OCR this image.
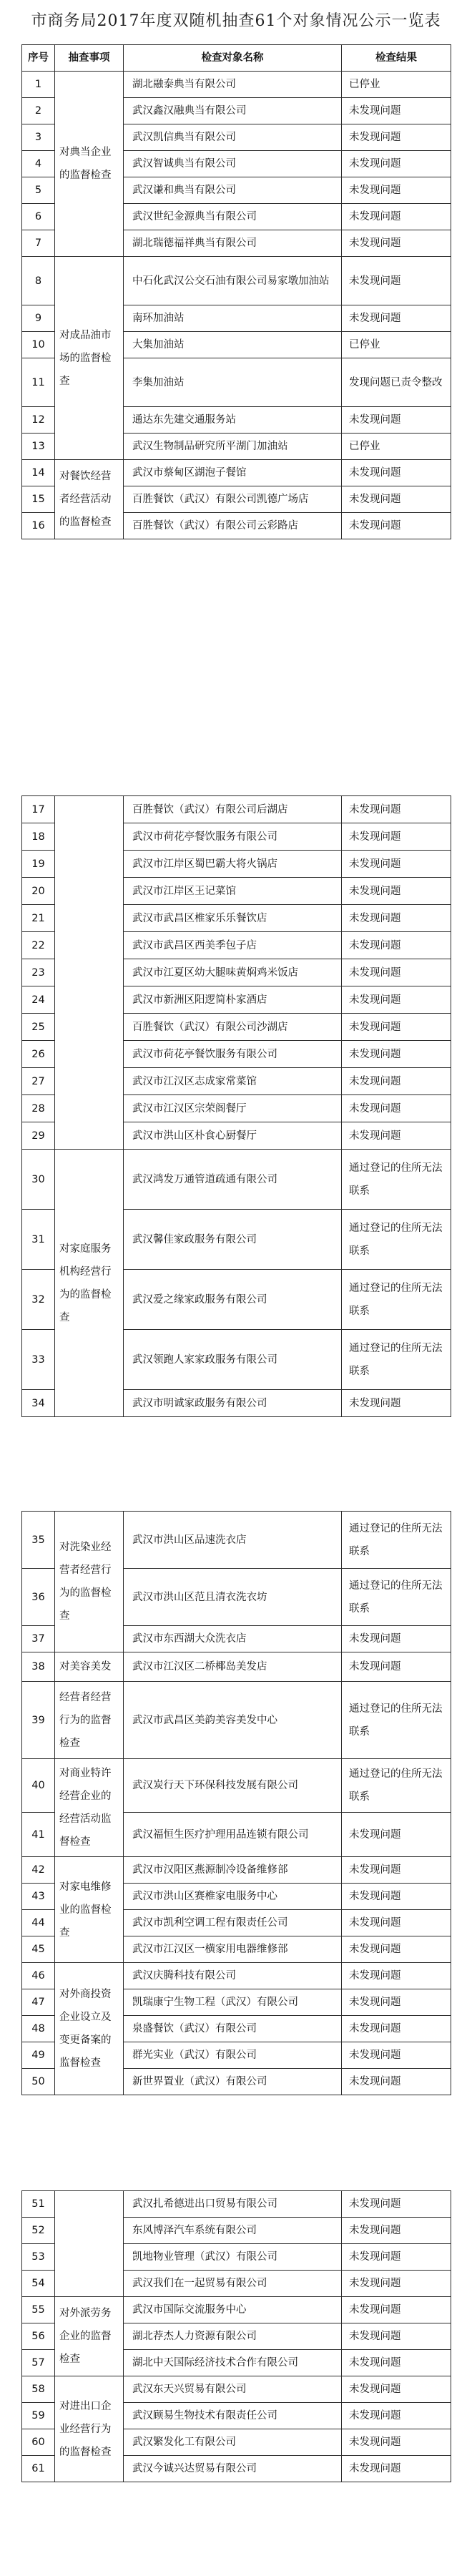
市商务局2017年度双随机抽查61个对象情况公示一览表
序号	抽查事项	检查对象名称	检查结果
1	对典当企业的监督检查	湖北融泰典当有限公司	已停业
2		武汉鑫汉融典当有限公司	未发现问题
3		武汉凯信典当有限公司	未发现问题
4		武汉智诚典当有限公司	未发现问题
5		武汉谦和典当有限公司	未发现问题
6		武汉世纪金源典当有限公司	未发现问题
7		湖北瑞德福祥典当有限公司	未发现问题
8	对成品油市场的监督检查	中石化武汉公交石油有限公司易家墩加油站	未发现问题
9		南环加油站	未发现问题
10		大集加油站	已停业
11		李集加油站	发现问题已责令整改
12		通达东先建交通服务站	未发现问题
13		武汉生物制品研究所平湖门加油站	已停业
14	对餐饮经营者经营活动的监督检查	武汉市蔡甸区湖泡子餐馆	未发现问题
15		百胜餐饮（武汉）有限公司凯德广场店	未发现问题
16		百胜餐饮（武汉）有限公司云彩路店	未发现问题
17		百胜餐饮（武汉）有限公司后湖店	未发现问题
18		武汉市荷花亭餐饮服务有限公司	未发现问题
19		武汉市江岸区蜀巴霸大将火锅店	未发现问题
20		武汉市江岸区王记菜馆	未发现问题
21		武汉市武昌区椎家乐乐餐饮店	未发现问题
22		武汉市武昌区西美季包子店	未发现问题
23		武汉市江夏区幼大腿味黄焖鸡米饭店	未发现问题
24		武汉市新洲区阳逻简朴家酒店	未发现问题
25		百胜餐饮（武汉）有限公司沙湖店	未发现问题
26		武汉市荷花亭餐饮服务有限公司	未发现问题
27		武汉市江汉区志成家常菜馆	未发现问题
28		武汉市江汉区宗荣阁餐厅	未发现问题
29		武汉市洪山区朴食心厨餐厅	未发现问题
30	对家庭服务机构经营行为的监督检查	武汉鸿发万通管道疏通有限公司	通过登记的住所无法联系
31		武汉馨佳家政服务有限公司	通过登记的住所无法联系
32		武汉爱之缘家政服务有限公司	通过登记的住所无法联系
33		武汉领跑人家家政服务有限公司	通过登记的住所无法联系
34		武汉市明诚家政服务有限公司	未发现问题
35	对洗染业经营者经营行为的监督检查	武汉市洪山区品速洗衣店	通过登记的住所无法联系
36		武汉市洪山区范且清衣洗衣坊	通过登记的住所无法联系
37		武汉市东西湖大众洗衣店	未发现问题
38	对美容美发	武汉市江汉区二桥椰岛美发店	未发现问题
39	经营者经营行为的监督检查	武汉市武昌区美韵美容美发中心	通过登记的住所无法联系
40	对商业特许经营企业的经营活动监督检查	武汉炭行天下环保科技发展有限公司	通过登记的住所无法联系
41		武汉福恒生医疗护理用品连锁有限公司	未发现问题
42	对家电维修业的监督检查	武汉市汉阳区燕源制冷设备维修部	未发现问题
43		武汉市洪山区赛椎家电服务中心	未发现问题
44		武汉市凯利空调工程有限责任公司	未发现问题
45		武汉市江汉区一横家用电器维修部	未发现问题
46	对外商投资企业设立及变更备案的监督检查	武汉庆腾科技有限公司	未发现问题
47		凯瑞康宁生物工程（武汉）有限公司	未发现问题
48		泉盛餐饮（武汉）有限公司	未发现问题
49		群光实业（武汉）有限公司	未发现问题
50		新世界置业（武汉）有限公司	未发现问题
51		武汉扎希德进出口贸易有限公司	未发现问题
52		东风博泽汽车系统有限公司	未发现问题
53		凯地物业管理（武汉）有限公司	未发现问题
54		武汉我们在一起贸易有限公司	未发现问题
55	对外派劳务企业的监督检查	武汉市国际交流服务中心	未发现问题
56		湖北荐杰人力资源有限公司	未发现问题
57		湖北中天国际经济技术合作有限公司	未发现问题
58	对进出口企业经营行为的监督检查	武汉东天兴贸易有限公司	未发现问题
59		武汉顾易生物技术有限责任公司	未发现问题
60		武汉繁发化工有限公司	未发现问题
61		武汉今诚兴达贸易有限公司	未发现问题
